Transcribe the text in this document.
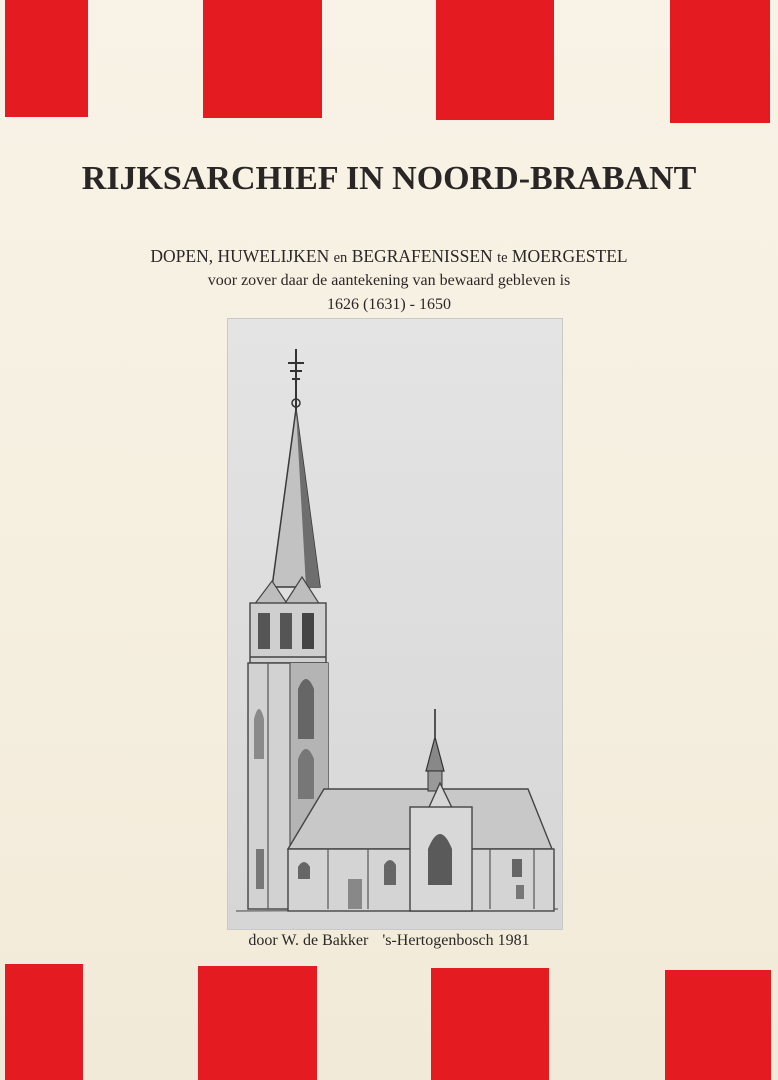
RIJKSARCHIEF IN NOORD-BRABANT
DOPEN, HUWELIJKEN en BEGRAFENISSEN te MOERGESTEL
voor zover daar de aantekening van bewaard gebleven is
1626 (1631) - 1650
door W. de Bakker 's-Hertogenbosch 1981
